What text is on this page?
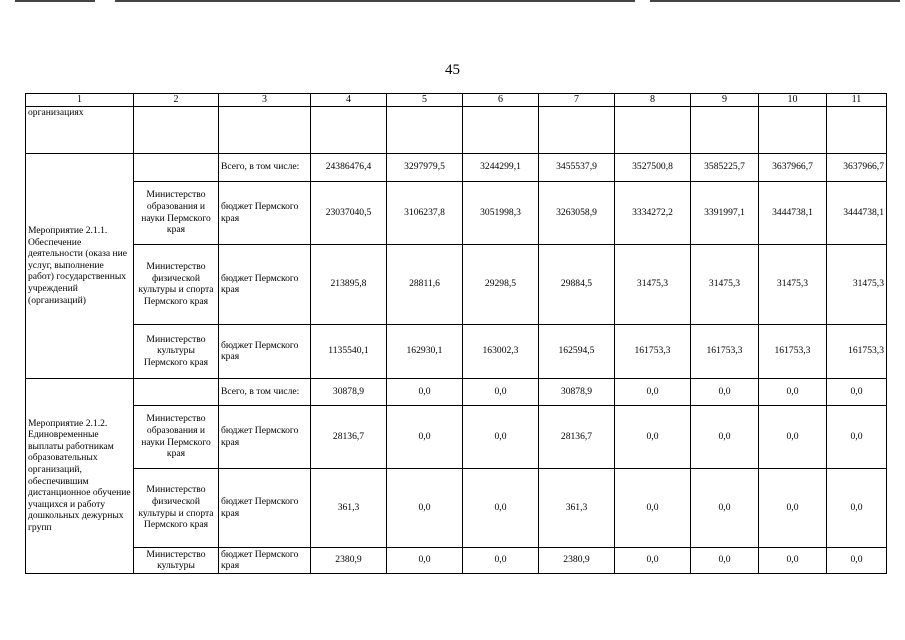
45
1	2	3	4	5	6	7	8	9	10	11
организациях										
Мероприятие 2.1.1. Обеспечение деятельности (оказа ние услуг, выполнение работ) государственных учреждений (организаций)		Всего, в том числе:	24386476,4	3297979,5	3244299,1	3455537,9	3527500,8	3585225,7	3637966,7	3637966,7
	Министерство образования и науки Пермского края	бюджет Пермского края	23037040,5	3106237,8	3051998,3	3263058,9	3334272,2	3391997,1	3444738,1	3444738,1
	Министерство физической культуры и спорта Пермского края	бюджет Пермского края	213895,8	28811,6	29298,5	29884,5	31475,3	31475,3	31475,3	31475,3
	Министерство культуры Пермского края	бюджет Пермского края	1135540,1	162930,1	163002,3	162594,5	161753,3	161753,3	161753,3	161753,3
Мероприятие 2.1.2. Единовременные выплаты работникам образовательных организаций, обеспечившим дистанционное обучение учащихся и работу дошкольных дежурных групп		Всего, в том числе:	30878,9	0,0	0,0	30878,9	0,0	0,0	0,0	0,0
	Министерство образования и науки Пермского края	бюджет Пермского края	28136,7	0,0	0,0	28136,7	0,0	0,0	0,0	0,0
	Министерство физической культуры и спорта Пермского края	бюджет Пермского края	361,3	0,0	0,0	361,3	0,0	0,0	0,0	0,0
	Министерство культуры	бюджет Пермского края	2380,9	0,0	0,0	2380,9	0,0	0,0	0,0	0,0
